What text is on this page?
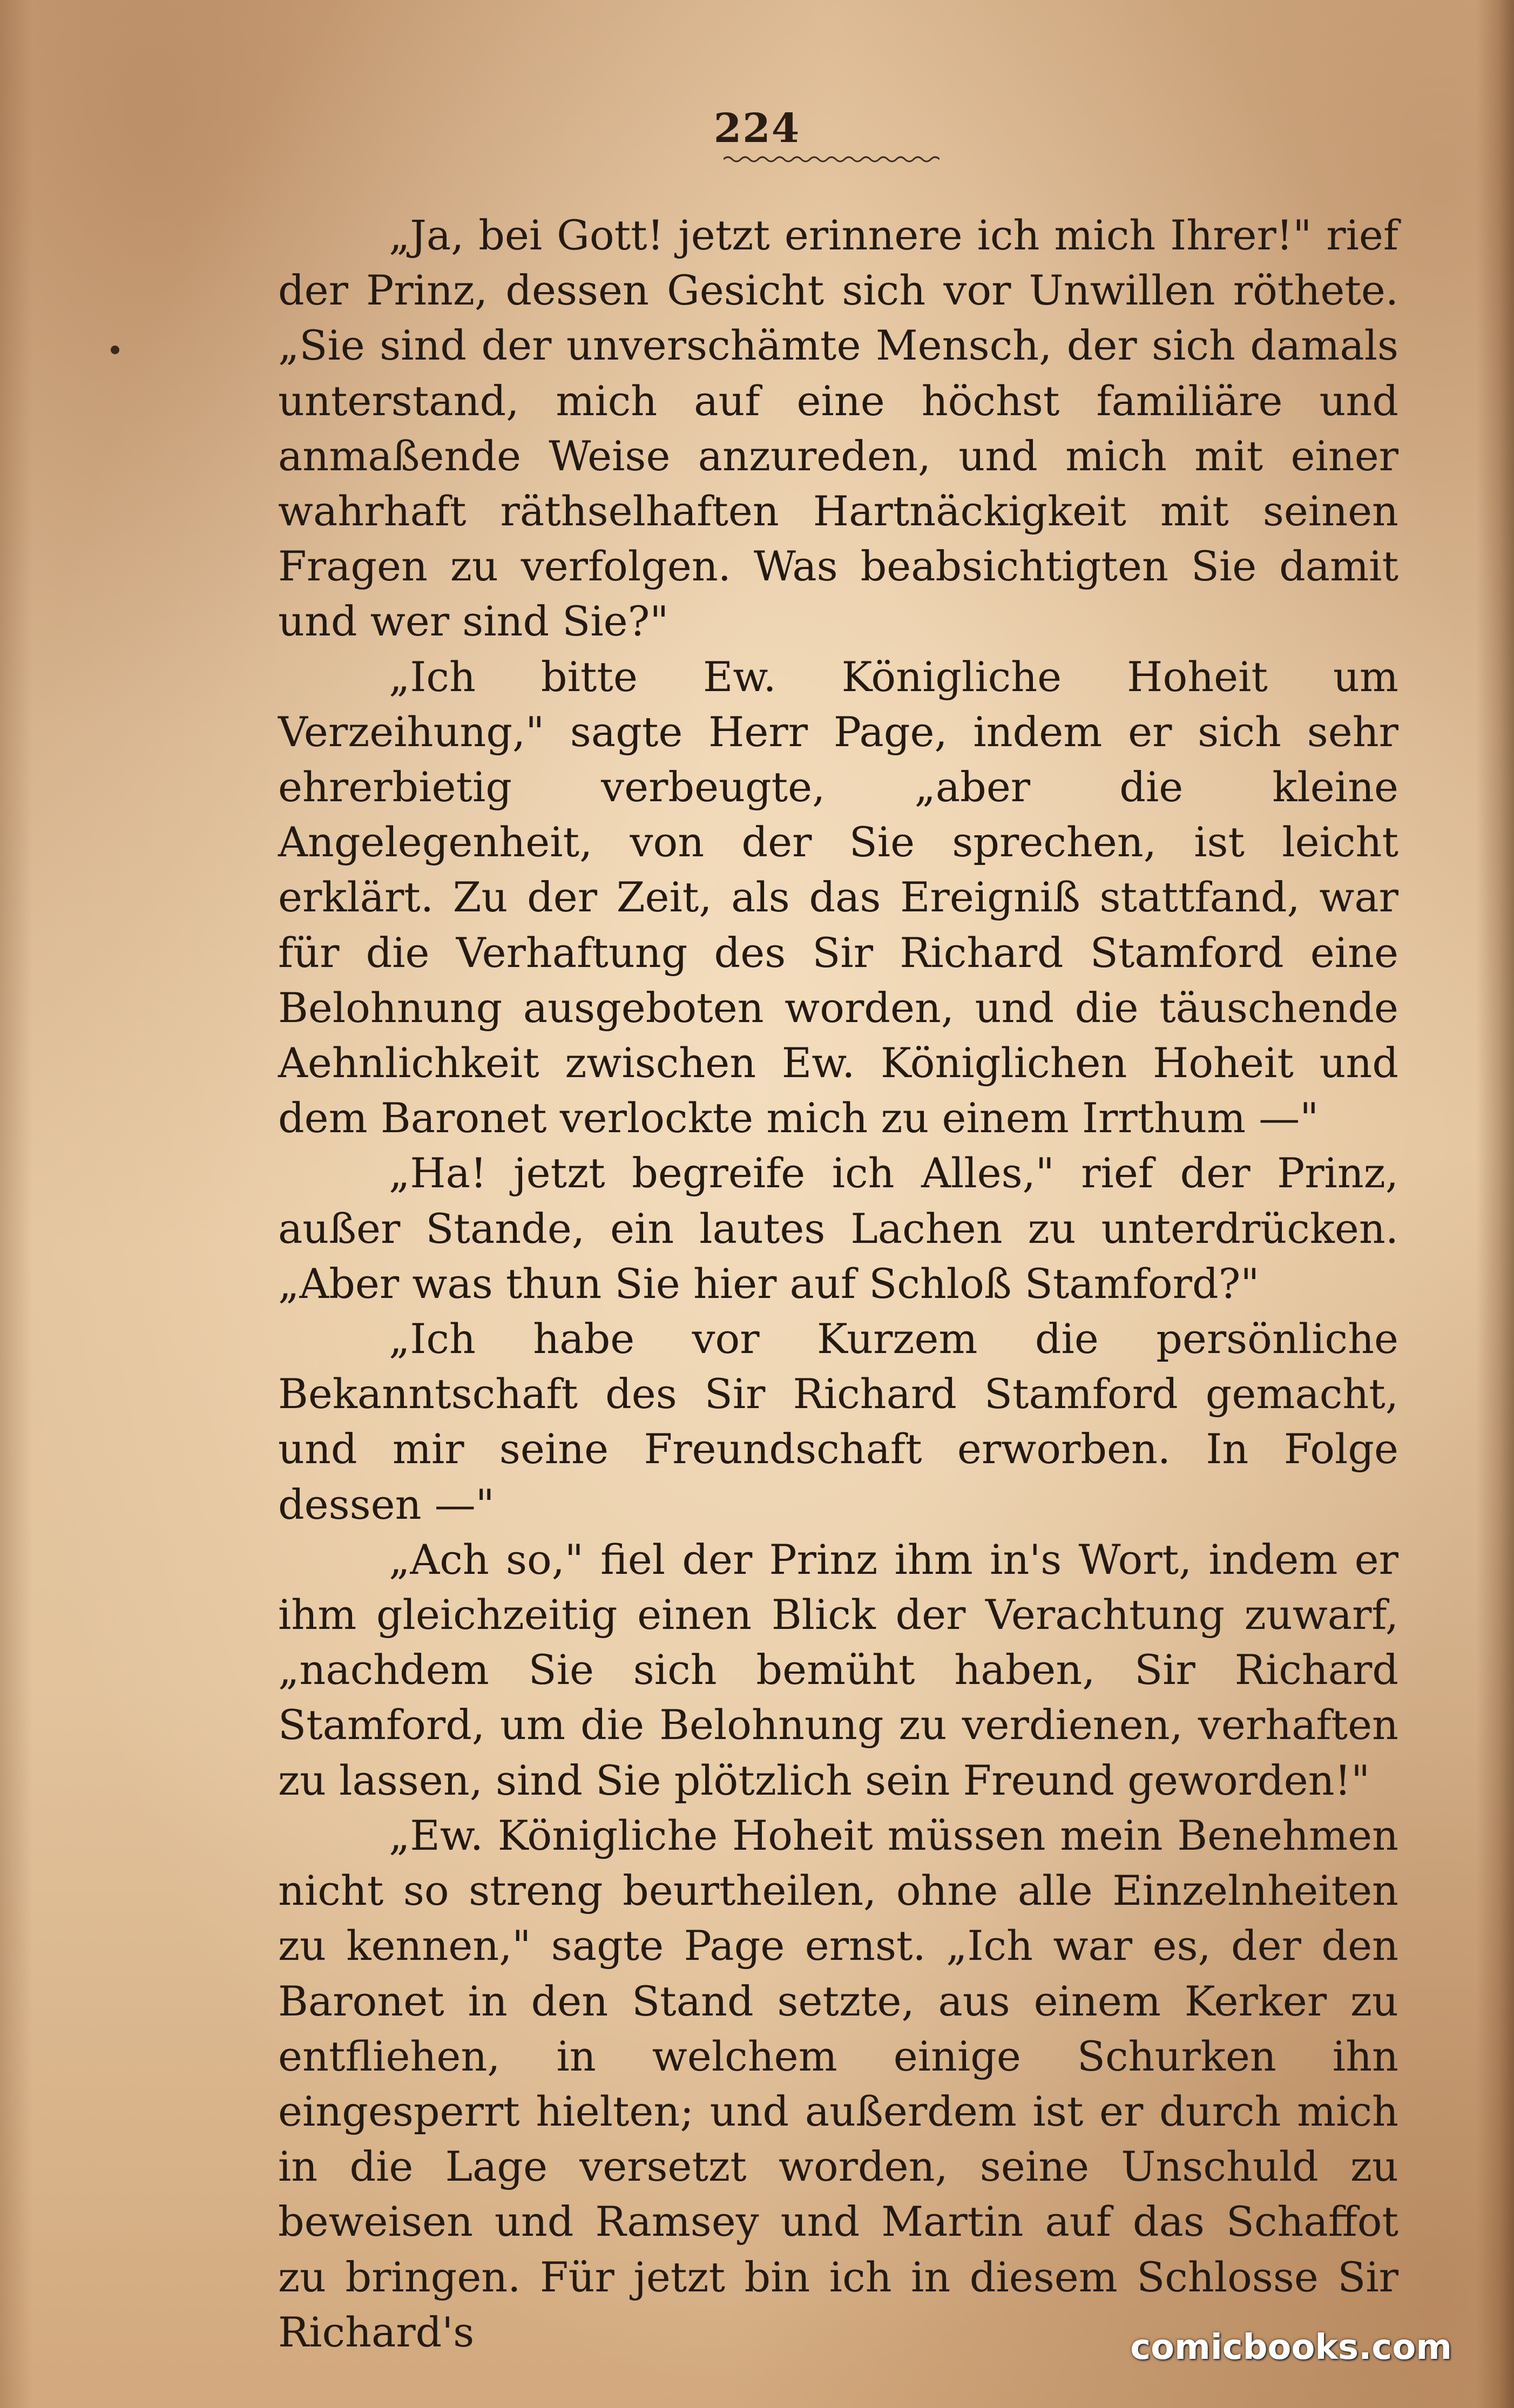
224

„Ja, bei Gott! jetzt erinnere ich mich Ihrer!" rief der Prinz, dessen Gesicht sich vor Unwillen röthete. „Sie sind der unverschämte Mensch, der sich damals unterstand, mich auf eine höchst familiäre und anmaßende Weise anzureden, und mich mit einer wahrhaft räthselhaften Hartnäckigkeit mit seinen Fragen zu verfolgen. Was beabsichtigten Sie damit und wer sind Sie?"

„Ich bitte Ew. Königliche Hoheit um Verzeihung," sagte Herr Page, indem er sich sehr ehrerbietig verbeugte, „aber die kleine Angelegenheit, von der Sie sprechen, ist leicht erklärt. Zu der Zeit, als das Ereigniß stattfand, war für die Verhaftung des Sir Richard Stamford eine Belohnung ausgeboten worden, und die täuschende Aehnlichkeit zwischen Ew. Königlichen Hoheit und dem Baronet verlockte mich zu einem Irrthum —"

„Ha! jetzt begreife ich Alles," rief der Prinz, außer Stande, ein lautes Lachen zu unterdrücken. „Aber was thun Sie hier auf Schloß Stamford?"

„Ich habe vor Kurzem die persönliche Bekanntschaft des Sir Richard Stamford gemacht, und mir seine Freundschaft erworben. In Folge dessen —"

„Ach so," fiel der Prinz ihm in's Wort, indem er ihm gleichzeitig einen Blick der Verachtung zuwarf, „nachdem Sie sich bemüht haben, Sir Richard Stamford, um die Belohnung zu verdienen, verhaften zu lassen, sind Sie plötzlich sein Freund geworden!"

„Ew. Königliche Hoheit müssen mein Benehmen nicht so streng beurtheilen, ohne alle Einzelnheiten zu kennen," sagte Page ernst. „Ich war es, der den Baronet in den Stand setzte, aus einem Kerker zu entfliehen, in welchem einige Schurken ihn eingesperrt hielten; und außerdem ist er durch mich in die Lage versetzt worden, seine Unschuld zu beweisen und Ramsey und Martin auf das Schaffot zu bringen. Für jetzt bin ich in diesem Schlosse Sir Richard's	comicbooks.com
